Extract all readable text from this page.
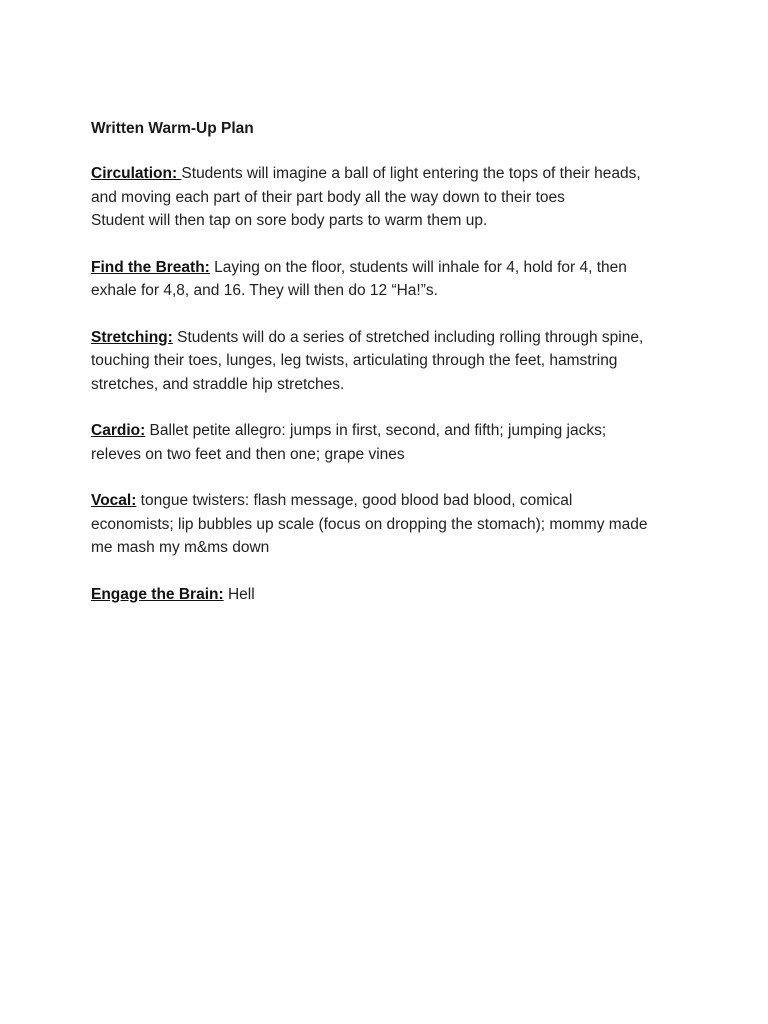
Written Warm-Up Plan
Circulation: Students will imagine a ball of light entering the tops of their heads,
and moving each part of their part body all the way down to their toes
Student will then tap on sore body parts to warm them up.
Find the Breath: Laying on the floor, students will inhale for 4, hold for 4, then
exhale for 4,8, and 16. They will then do 12 “Ha!”s.
Stretching: Students will do a series of stretched including rolling through spine,
touching their toes, lunges, leg twists, articulating through the feet, hamstring
stretches, and straddle hip stretches.
Cardio: Ballet petite allegro: jumps in first, second, and fifth; jumping jacks;
releves on two feet and then one; grape vines
Vocal: tongue twisters: flash message, good blood bad blood, comical
economists; lip bubbles up scale (focus on dropping the stomach); mommy made
me mash my m&ms down
Engage the Brain: Hell
